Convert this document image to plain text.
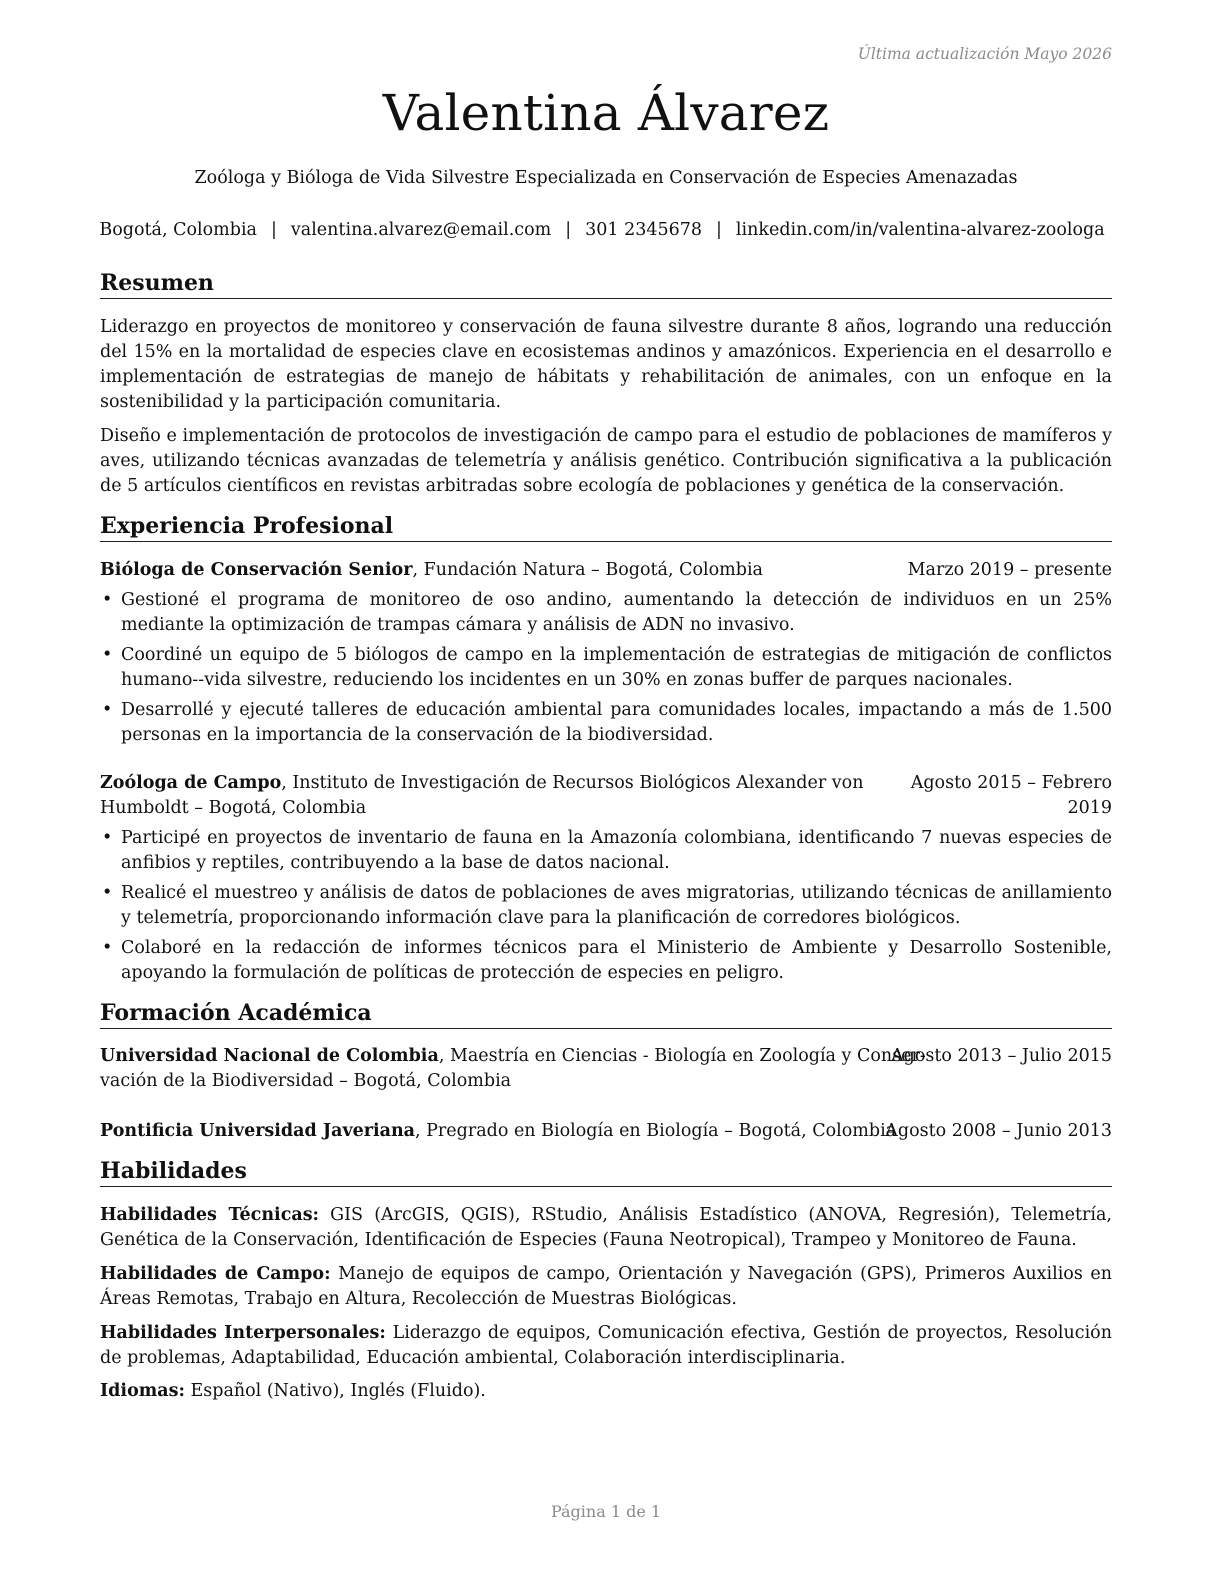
Última actualización Mayo 2026
Valentina Álvarez
Zoóloga y Bióloga de Vida Silvestre Especializada en Conservación de Especies Amenazadas
Bogotá, Colombia | valentina.alvarez@email.com | 301 2345678 | linkedin.com/in/valentina-alvarez-zoologa
Resumen
Liderazgo en proyectos de monitoreo y conservación de fauna silvestre durante 8 años, logrando una reducción del 15% en la mortalidad de especies clave en ecosistemas andinos y amazónicos. Experiencia en el desarrollo e implementación de estrategias de manejo de hábitats y rehabilitación de animales, con un enfoque en la sostenibilidad y la participación comunitaria.
Diseño e implementación de protocolos de investigación de campo para el estudio de poblaciones de mamíferos y aves, utilizando técnicas avanzadas de telemetría y análisis genético. Contribución significativa a la publicación de 5 artículos científicos en revistas arbitradas sobre ecología de poblaciones y genética de la conservación.
Experiencia Profesional
Bióloga de Conservación Senior, Fundación Natura – Bogotá, Colombia	Marzo 2019 – presente
• Gestioné el programa de monitoreo de oso andino, aumentando la detección de individuos en un 25% mediante la optimización de trampas cámara y análisis de ADN no invasivo.
• Coordiné un equipo de 5 biólogos de campo en la implementación de estrategias de mitigación de conflictos humano--vida silvestre, reduciendo los incidentes en un 30% en zonas buffer de parques nacionales.
• Desarrollé y ejecuté talleres de educación ambiental para comunidades locales, impactando a más de 1.500 personas en la importancia de la conservación de la biodiversidad.
Zoóloga de Campo, Instituto de Investigación de Recursos Biológicos Alexander von
Humboldt – Bogotá, Colombia
Agosto 2015 – Febrero
2019
• Participé en proyectos de inventario de fauna en la Amazonía colombiana, identificando 7 nuevas especies de anfibios y reptiles, contribuyendo a la base de datos nacional.
• Realicé el muestreo y análisis de datos de poblaciones de aves migratorias, utilizando técnicas de anillamiento y telemetría, proporcionando información clave para la planificación de corredores biológicos.
• Colaboré en la redacción de informes técnicos para el Ministerio de Ambiente y Desarrollo Sostenible, apoyando la formulación de políticas de protección de especies en peligro.
Formación Académica
Universidad Nacional de Colombia, Maestría en Ciencias - Biología en Zoología y Conser-
vación de la Biodiversidad – Bogotá, Colombia
Agosto 2013 – Julio 2015
Pontificia Universidad Javeriana, Pregrado en Biología en Biología – Bogotá, Colombia
Agosto 2008 – Junio 2013
Habilidades
Habilidades Técnicas: GIS (ArcGIS, QGIS), RStudio, Análisis Estadístico (ANOVA, Regresión), Telemetría, Genética de la Conservación, Identificación de Especies (Fauna Neotropical), Trampeo y Monitoreo de Fauna.
Habilidades de Campo: Manejo de equipos de campo, Orientación y Navegación (GPS), Primeros Auxilios en Áreas Remotas, Trabajo en Altura, Recolección de Muestras Biológicas.
Habilidades Interpersonales: Liderazgo de equipos, Comunicación efectiva, Gestión de proyectos, Resolución de problemas, Adaptabilidad, Educación ambiental, Colaboración interdisciplinaria.
Idiomas: Español (Nativo), Inglés (Fluido).
Página 1 de 1
